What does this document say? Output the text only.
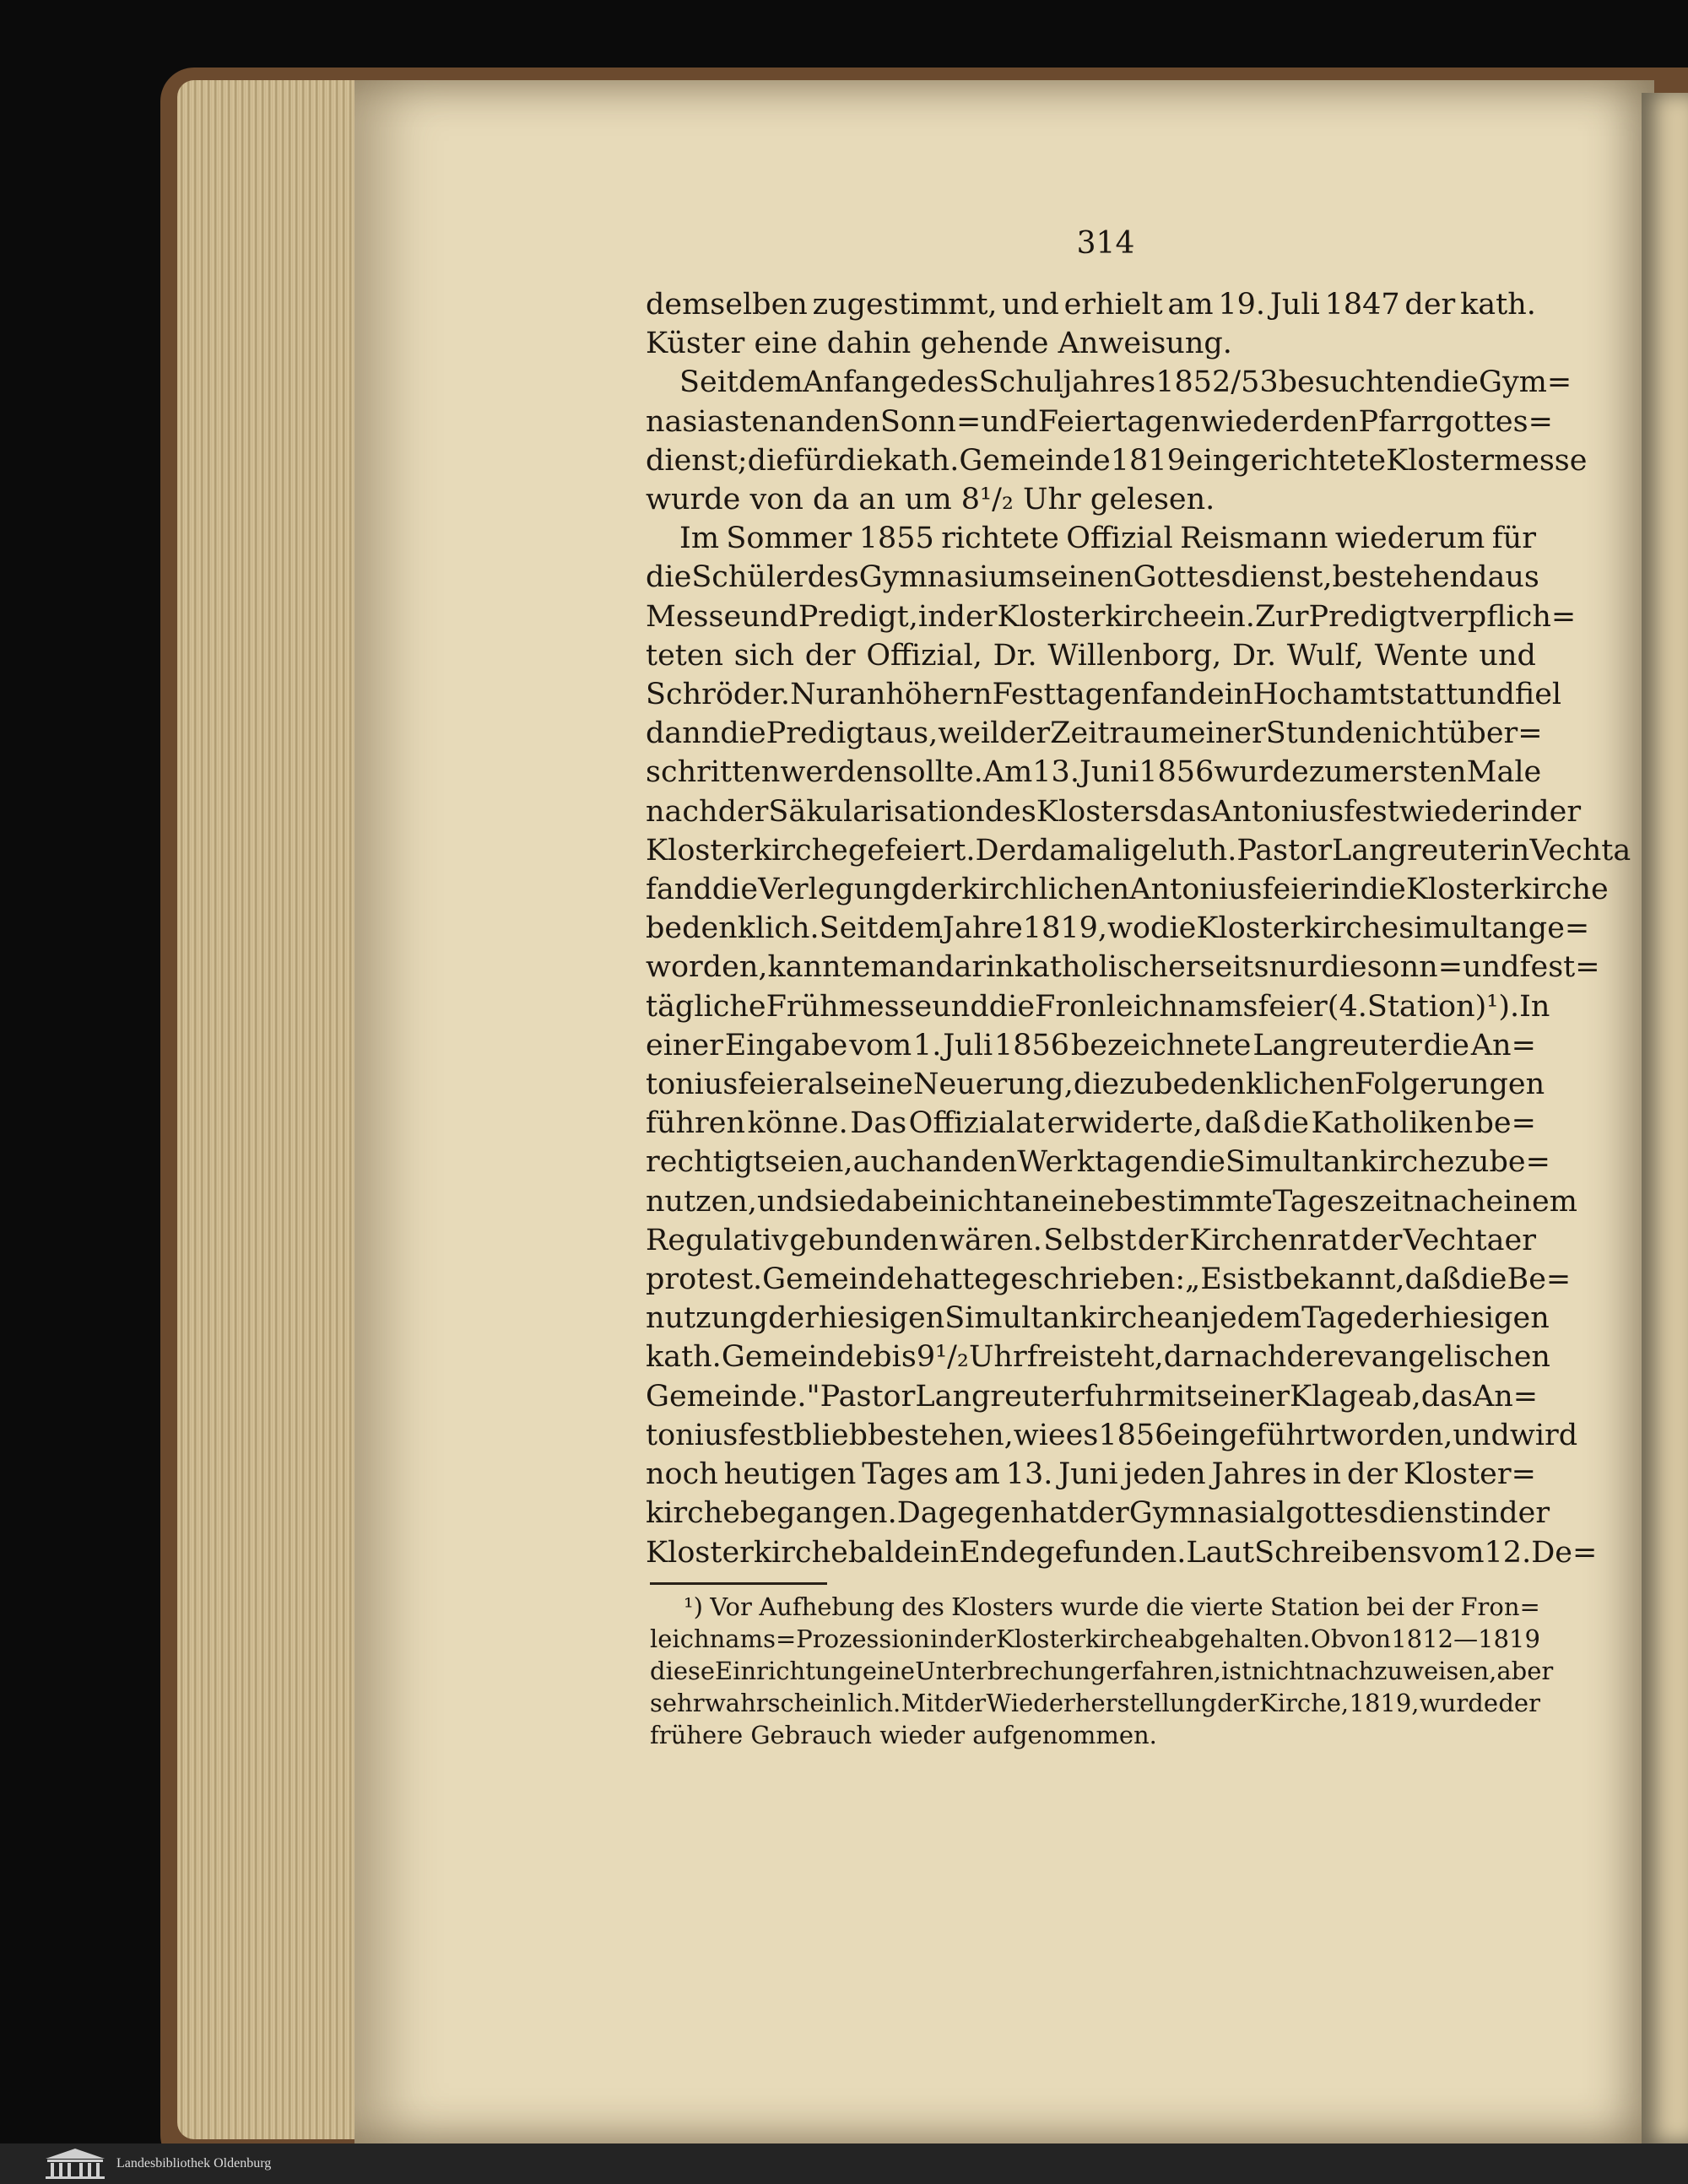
314
demselben zugestimmt, und erhielt am 19. Juli 1847 der kath.
Küster eine dahin gehende Anweisung.
Seit dem Anfange des Schuljahres 1852/53 besuchten die Gym=
nasiasten an den Sonn= und Feiertagen wieder den Pfarrgottes=
dienst; die für die kath. Gemeinde 1819 eingerichtete Klostermesse
wurde von da an um 8¹/₂ Uhr gelesen.
Im Sommer 1855 richtete Offizial Reismann wiederum für
die Schüler des Gymnasiums einen Gottesdienst, bestehend aus
Messe und Predigt, in der Klosterkirche ein. Zur Predigt verpflich=
teten sich der Offizial, Dr. Willenborg, Dr. Wulf, Wente und
Schröder. Nur an höhern Festtagen fand ein Hochamt statt und fiel
dann die Predigt aus, weil der Zeitraum einer Stunde nicht über=
schritten werden sollte. Am 13. Juni 1856 wurde zum ersten Male
nach der Säkularisation des Klosters das Antoniusfest wieder in der
Klosterkirche gefeiert. Der damalige luth. Pastor Langreuter in Vechta
fand die Verlegung der kirchlichen Antoniusfeier in die Klosterkirche
bedenklich. Seit dem Jahre 1819, wo die Klosterkirche simultan ge=
worden, kannte man darin katholischerseits nur die sonn= und fest=
tägliche Frühmesse und die Fronleichnamsfeier (4. Station)¹). In
einer Eingabe vom 1. Juli 1856 bezeichnete Langreuter die An=
toniusfeier als eine Neuerung, die zu bedenklichen Folgerungen
führen könne. Das Offizialat erwiderte, daß die Katholiken be=
rechtigt seien, auch an den Werktagen die Simultankirche zu be=
nutzen, und sie dabei nicht an eine bestimmte Tageszeit nach einem
Regulativ gebunden wären. Selbst der Kirchenrat der Vechtaer
protest. Gemeinde hatte geschrieben: „Es ist bekannt, daß die Be=
nutzung der hiesigen Simultankirche an jedem Tage der hiesigen
kath. Gemeinde bis 9¹/₂ Uhr freisteht, darnach der evangelischen
Gemeinde." Pastor Langreuter fuhr mit seiner Klage ab, das An=
toniusfest blieb bestehen, wie es 1856 eingeführt worden, und wird
noch heutigen Tages am 13. Juni jeden Jahres in der Kloster=
kirche begangen. Dagegen hat der Gymnasialgottesdienst in der
Klosterkirche bald ein Ende gefunden. Laut Schreibens vom 12. De=
¹) Vor Aufhebung des Klosters wurde die vierte Station bei der Fron=
leichnams=Prozession in der Klosterkirche abgehalten. Ob von 1812—1819
diese Einrichtung eine Unterbrechung erfahren, ist nicht nachzuweisen, aber
sehr wahrscheinlich. Mit der Wiederherstellung der Kirche, 1819, wurde der
frühere Gebrauch wieder aufgenommen.
Landesbibliothek Oldenburg
